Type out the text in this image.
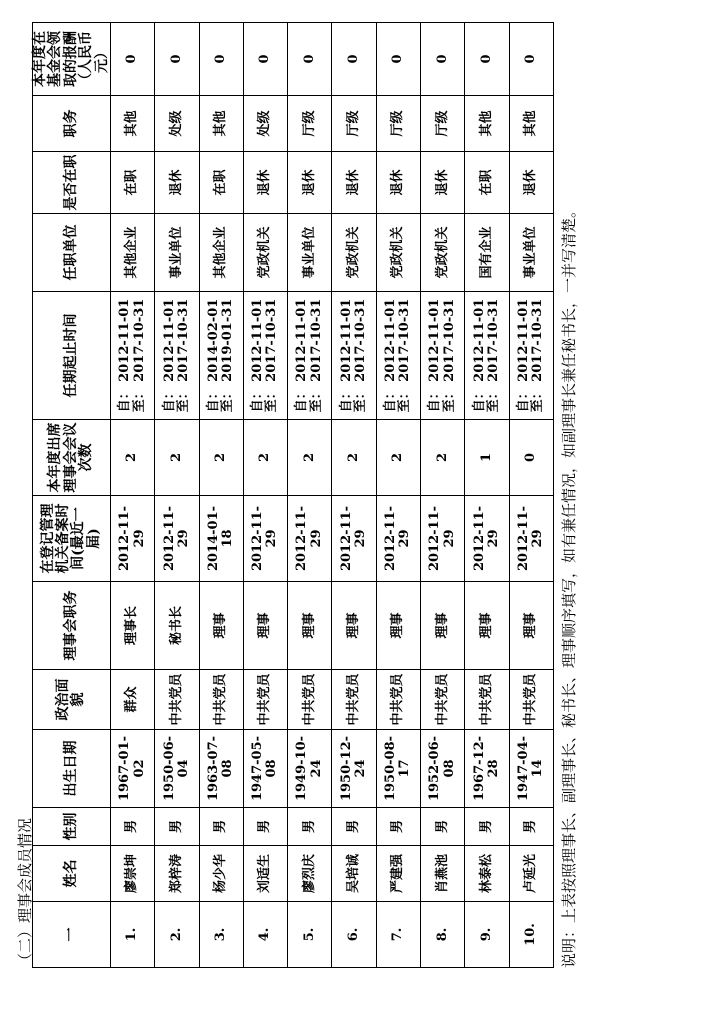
（二）理事会成员情况 一	姓名	性别	出生日期	政治面貌	理事会职务	在登记管理机关备案时间(最近一届)	本年度出席理事会会议次数	任期起止时间	任职单位	是否在职	职务	本年度在基金会领取的报酬（人民币元）
1.	廖崇坤	男	1967-01-02	群众	理事长	2012-11-29	2	自： 2012-11-01 至： 2017-10-31	其他企业	在职	其他	0
2.	郑梓涛	男	1950-06-04	中共党员	秘书长	2012-11-29	2	自： 2012-11-01 至： 2017-10-31	事业单位	退休	处级	0
3.	杨少华	男	1963-07-08	中共党员	理事	2014-01-18	2	自： 2014-02-01 至： 2019-01-31	其他企业	在职	其他	0
4.	刘适生	男	1947-05-08	中共党员	理事	2012-11-29	2	自： 2012-11-01 至： 2017-10-31	党政机关	退休	处级	0
5.	廖烈庆	男	1949-10-24	中共党员	理事	2012-11-29	2	自： 2012-11-01 至： 2017-10-31	事业单位	退休	厅级	0
6.	吴培诚	男	1950-12-24	中共党员	理事	2012-11-29	2	自： 2012-11-01 至： 2017-10-31	党政机关	退休	厅级	0
7.	严建强	男	1950-08-17	中共党员	理事	2012-11-29	2	自： 2012-11-01 至： 2017-10-31	党政机关	退休	厅级	0
8.	肖燕池	男	1952-06-08	中共党员	理事	2012-11-29	2	自： 2012-11-01 至： 2017-10-31	党政机关	退休	厅级	0
9.	林泰松	男	1967-12-28	中共党员	理事	2012-11-29	1	自： 2012-11-01 至： 2017-10-31	国有企业	在职	其他	0
10.	卢延光	男	1947-04-14	中共党员	理事	2012-11-29	0	自： 2012-11-01 至： 2017-10-31	事业单位	退休	其他	0
说明：上表按照理事长、副理事长、秘书长、理事顺序填写，如有兼任情况，如副理事长兼任秘书长，一并写清楚。
